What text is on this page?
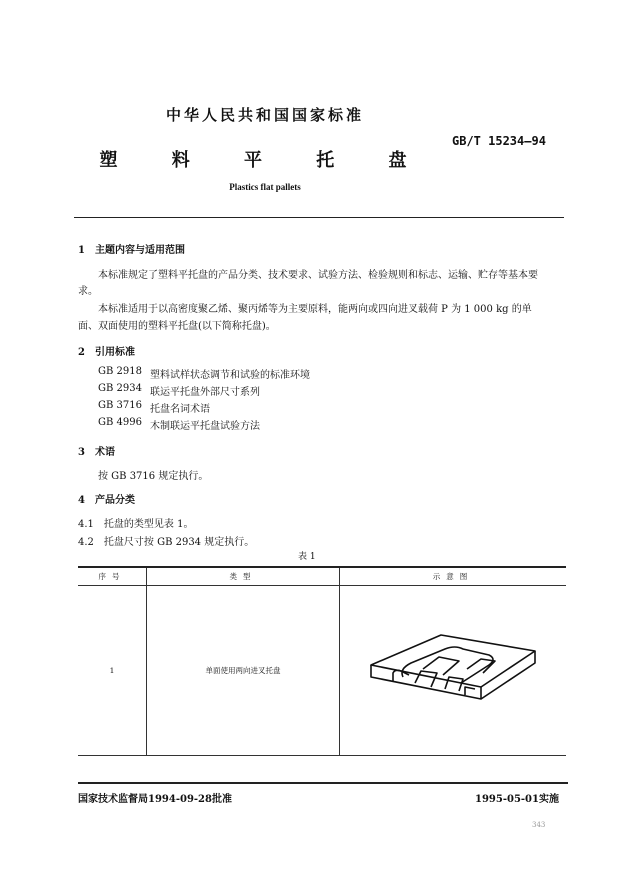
中华人民共和国国家标准
GB/T 15234—94
塑 料 平 托 盘
Plastics flat pallets
1　主题内容与适用范围
本标准规定了塑料平托盘的产品分类、技术要求、试验方法、检验规则和标志、运输、贮存等基本要
求。
本标准适用于以高密度聚乙烯、聚丙烯等为主要原料，能两向或四向进叉载荷 P 为 1 000 kg 的单
面、双面使用的塑料平托盘(以下简称托盘)。
2　引用标准
GB 2918 塑料试样状态调节和试验的标准环境
GB 2934 联运平托盘外部尺寸系列
GB 3716 托盘名词术语
GB 4996 木制联运平托盘试验方法
3　术语
按 GB 3716 规定执行。
4　产品分类
4.1　托盘的类型见表 1。
4.2　托盘尺寸按 GB 2934 规定执行。
表 1
序号	类型	示意图
1	单面使用两向进叉托盘	
国家技术监督局1994-09-28批准	1995-05-01实施
343
